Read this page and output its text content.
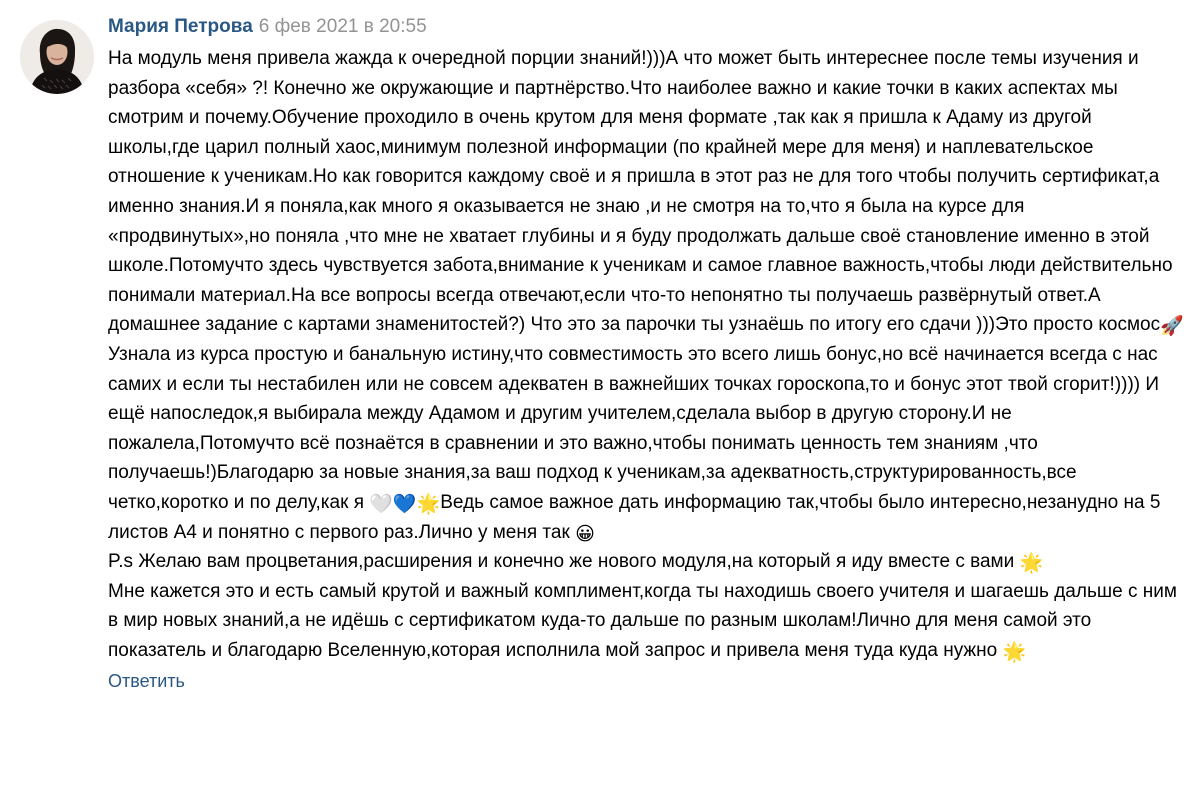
Мария Петрова 6 фев 2021 в 20:55

На модуль меня привела жажда к очередной порции знаний!)))А что может быть интереснее после темы изучения и разбора «себя» ?! Конечно же окружающие и партнёрство.Что наиболее важно и какие точки в каких аспектах мы смотрим и почему.Обучение проходило в очень крутом для меня формате ,так как я пришла к Адаму из другой школы,где царил полный хаос,минимум полезной информации (по крайней мере для меня) и наплевательское отношение к ученикам.Но как говорится каждому своё и я пришла в этот раз не для того чтобы получить сертификат,а именно знания.И я поняла,как много я оказывается не знаю ,и не смотря на то,что я была на курсе для «продвинутых»,но поняла ,что мне не хватает глубины и я буду продолжать дальше своё становление именно в этой школе.Потомучто здесь чувствуется забота,внимание к ученикам и самое главное важность,чтобы люди действительно понимали материал.На все вопросы всегда отвечают,если что-то непонятно ты получаешь развёрнутый ответ.А домашнее задание с картами знаменитостей?) Что это за парочки ты узнаёшь по итогу его сдачи )))Это просто космос🚀 Узнала из курса простую и банальную истину,что совместимость это всего лишь бонус,но всё начинается всегда с нас самих и если ты нестабилен или не совсем адекватен в важнейших точках гороскопа,то и бонус этот твой сгорит!)))) И ещё напоследок,я выбирала между Адамом и другим учителем,сделала выбор в другую сторону.И не пожалела,Потомучто всё познаётся в сравнении и это важно,чтобы понимать ценность тем знаниям ,что получаешь!)Благодарю за новые знания,за ваш подход к ученикам,за адекватность,структурированность,все четко,коротко и по делу,как я 🤍💙🌟Ведь самое важное дать информацию так,чтобы было интересно,незанудно на 5 листов А4 и понятно с первого раз.Лично у меня так 😀
P.s Желаю вам процветания,расширения и конечно же нового модуля,на который я иду вместе с вами 🌟
Мне кажется это и есть самый крутой и важный комплимент,когда ты находишь своего учителя и шагаешь дальше с ним в мир новых знаний,а не идёшь с сертификатом куда-то дальше по разным школам!Лично для меня самой это показатель и благодарю Вселенную,которая исполнила мой запрос и привела меня туда куда нужно 🌟

Ответить
